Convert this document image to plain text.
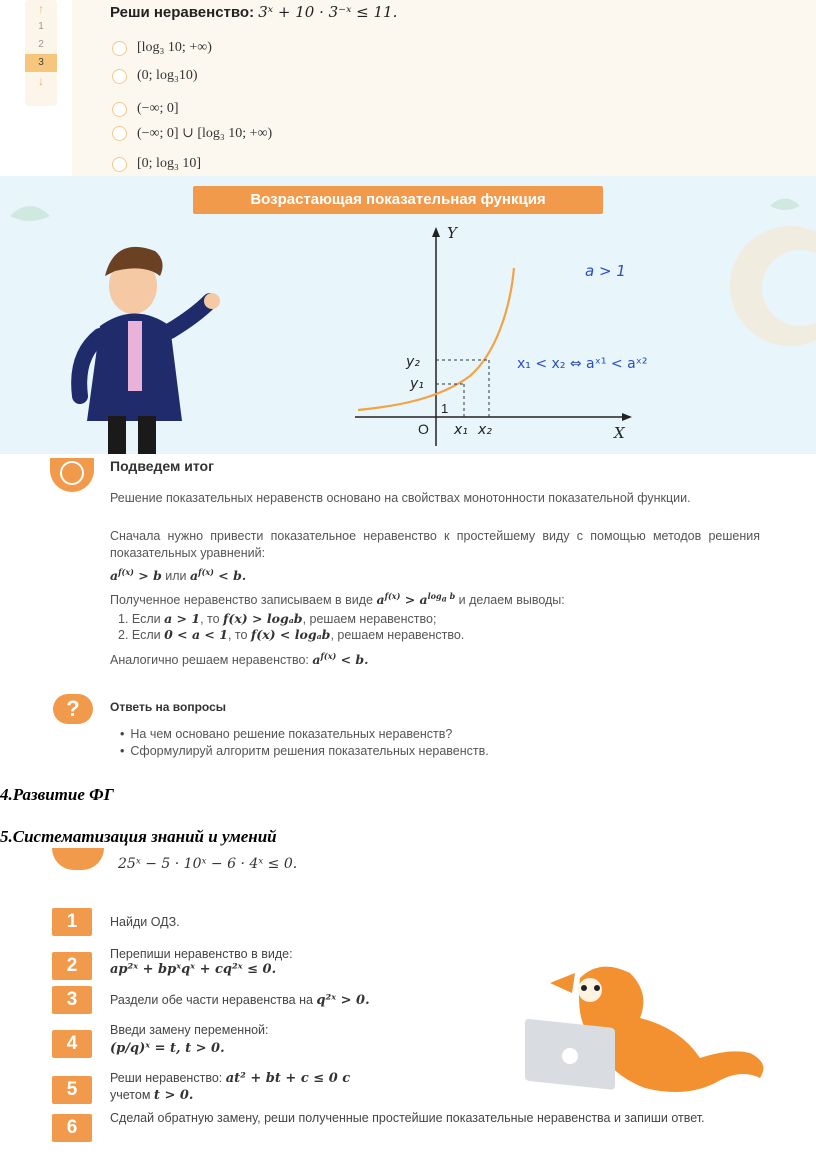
↑
1
2
3
↓
Реши неравенство: 3ˣ + 10 · 3⁻ˣ ≤ 11.
[log₃ 10; +∞)
(0; log₃10)
(−∞; 0]
(−∞; 0] ∪ [log₃ 10; +∞)
[0; log₃ 10]
Y
X
O
1
x₁ x₂
y₁
y₂
a > 1
x₁ < x₂ ⇔ aˣ¹ < aˣ²
Возрастающая показательная функция
Подведем итог

Решение показательных неравенств основано на свойствах монотонности показательной функции.

Сначала нужно привести показательное неравенство к простейшему виду с помощью методов решения показательных уравнений:

$a^{f(x)} > b$ или $a^{f(x)} < b$.

Полученное неравенство записываем в виде $a^{f(x)} > a^{log_a b}$ и делаем выводы:

1. Если a > 1, то f(x) > logₐb, решаем неравенство;

2. Если 0 < a < 1, то f(x) < logₐb, решаем неравенство.

Аналогично решаем неравенство: $a^{f(x)} < b$.

?	Ответь на вопросы
• На чем основано решение показательных неравенств?
• Сформулируй алгоритм решения показательных неравенств.
4.Развитие ФГ
5.Систематизация знаний и умений
25ˣ − 5 · 10ˣ − 6 · 4ˣ ≤ 0.
1	Найди ОДЗ.
2
Перепиши неравенство в виде:
ap²ˣ + bpˣqˣ + cq²ˣ ≤ 0.
3	Раздели обе части неравенства на q²ˣ > 0.
4
Введи замену переменной:
(p/q)ˣ = t, t > 0.
5
Реши неравенство: at² + bt + c ≤ 0 с
учетом t > 0.
6	Сделай обратную замену, реши полученные простейшие показательные неравенства и запиши ответ.
